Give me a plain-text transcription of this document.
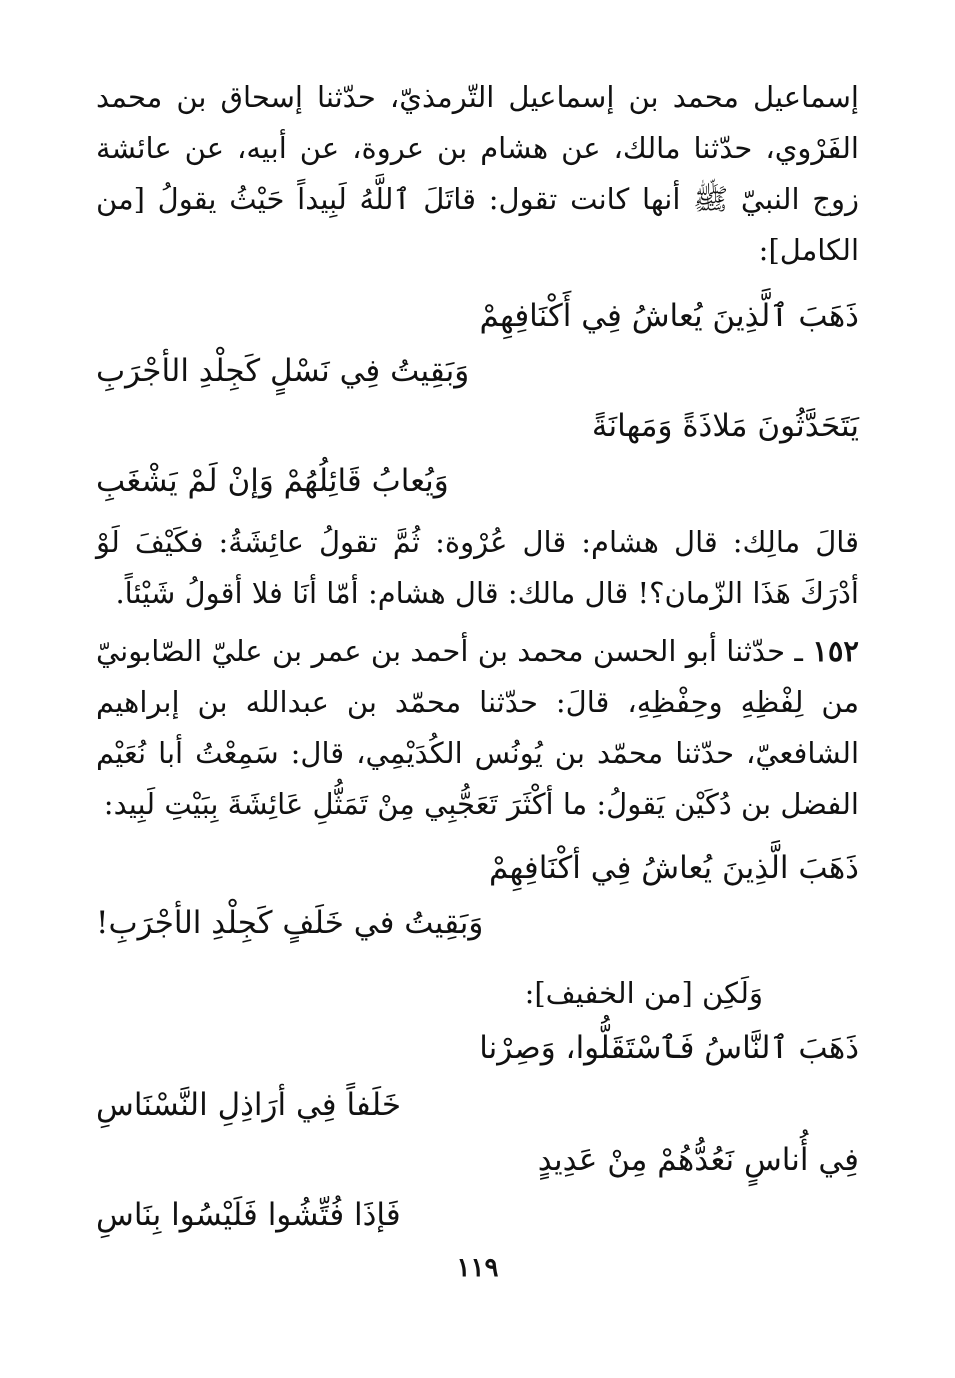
إسماعيل محمد بن إسماعيل التّرمذيّ، حدّثنا إسحاق بن محمد الفَرْوي، حدّثنا مالك، عن هشام بن عروة، عن أبيه، عن عائشة زوج النبيّ ﷺ أنها كانت تقول: قاتَلَ ٱللَّهُ لَبِيداً حَيْثُ يقولُ [من الكامل]:

ذَهَبَ ٱلَّذِينَ يُعاشُ فِي أَكْنَافِهِمْ
وَبَقِيتُ فِي نَسْلٍ كَجِلْدِ الأجْرَبِ
يَتَحَدَّثُونَ مَلاذَةً وَمَهانَةً
وَيُعابُ قَائِلُهُمْ وَإنْ لَمْ يَشْغَبِ

قالَ مالِك: قال هشام: قال عُرْوة: ثُمَّ تقولُ عائِشَةُ: فكَيْفَ لَوْ أدْرَكَ هَذَا الزّمان؟! قال مالك: قال هشام: أمّا أنَا فلا أقولُ شَيْئاً.

١٥٢ ـ حدّثنا أبو الحسن محمد بن أحمد بن عمر بن عليّ الصّابونيّ من لِفْظِهِ وحِفْظِهِ، قالَ: حدّثنا محمّد بن عبدالله بن إبراهيم الشافعيّ، حدّثنا محمّد بن يُونُس الكُدَيْمِي، قال: سَمِعْتُ أبا نُعَيْم الفضل بن دُكَيْن يَقولُ: ما أكْثَرَ تَعَجُّبِي مِنْ تَمَثُّلِ عَائِشَةَ بِبَيْتِ لَبِيد:

ذَهَبَ الَّذِينَ يُعاشُ فِي أكْنَافِهِمْ
وَبَقِيتُ في خَلَفٍ كَجِلْدِ الأجْرَبِ!

وَلَكِن [من الخفيف]:

ذَهَبَ ٱلنَّاسُ فَٱسْتَقَلُّوا، وَصِرْنا
خَلَفاً فِي أرَاذِلِ النَّسْنَاسِ
فِي أُناسٍ نَعُدُّهُمْ مِنْ عَدِيدٍ
فَإذَا فُتِّشُوا فَلَيْسُوا بِنَاسِ
١١٩
